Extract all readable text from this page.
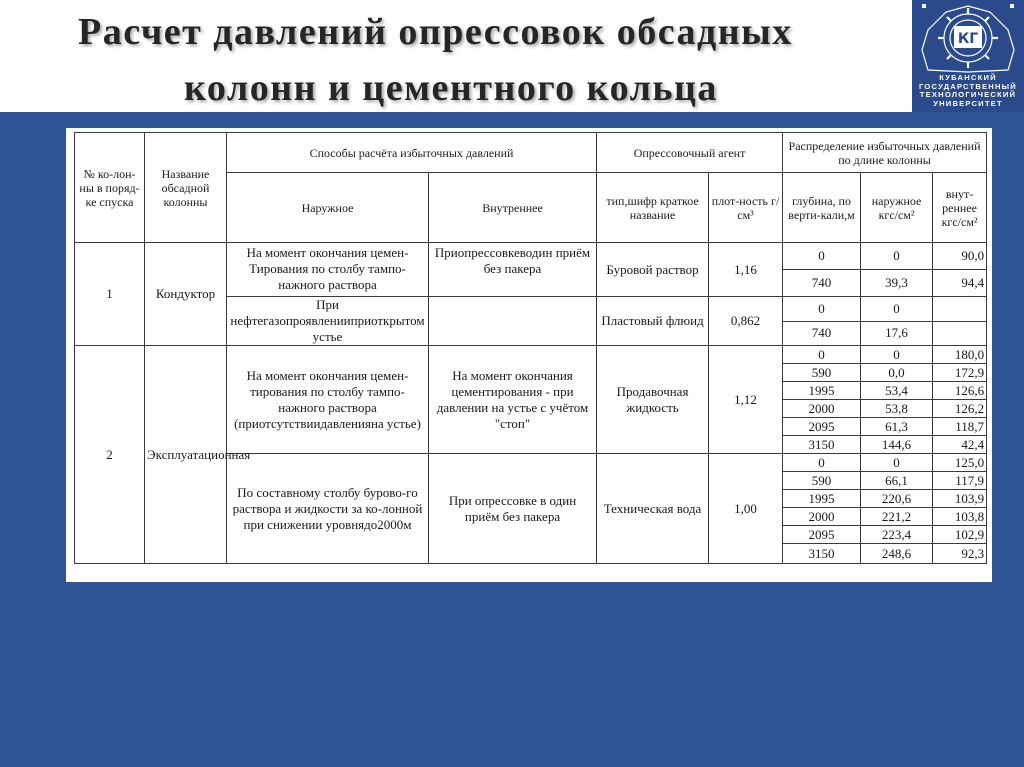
Расчет давлений опрессовок обсадных
колонн и цементного кольца
КГ
КУБАНСКИЙ
ГОСУДАРСТВЕННЫЙ
ТЕХНОЛОГИЧЕСКИЙ
УНИВЕРСИТЕТ
№ ко-лон-ны в поряд-ке спуска	Название обсадной колонны	Способы расчёта избыточных давлений		Опрессовочный агент		Распределение избыточных давлений по длине колонны		
		Наружное	Внутреннее	тип,шифр краткое название	плот-ность г/см³	глубина, по верти-кали,м	наружное кгс/см²	внут-реннее кгс/см²
1	Кондуктор	На момент окончания цемен-Тирования по столбу тампо-нажного раствора	Приопрессовкеводин приём без пакера	Буровой раствор	1,16	0	0	90,0
						740	39,3	94,4
		При нефтегазопроявленииприоткрытом устье		Пластовый флюид	0,862	0	0	
						740	17,6	
2	Эксплуатационная	На момент окончания цемен-тирования по столбу тампо-нажного раствора (приотсутствиидавленияна устье)	На момент окончания цементирования - при давлении на устье с учётом "стоп"	Продавочная жидкость	1,12	0	0	180,0
						590	0,0	172,9
						1995	53,4	126,6
						2000	53,8	126,2
						2095	61,3	118,7
						3150	144,6	42,4
		По составному столбу бурово-го раствора и жидкости за ко-лонной при снижении уровнядо2000м	При опрессовке в один приём без пакера	Техническая вода	1,00	0	0	125,0
						590	66,1	117,9
						1995	220,6	103,9
						2000	221,2	103,8
						2095	223,4	102,9
						3150	248,6	92,3
